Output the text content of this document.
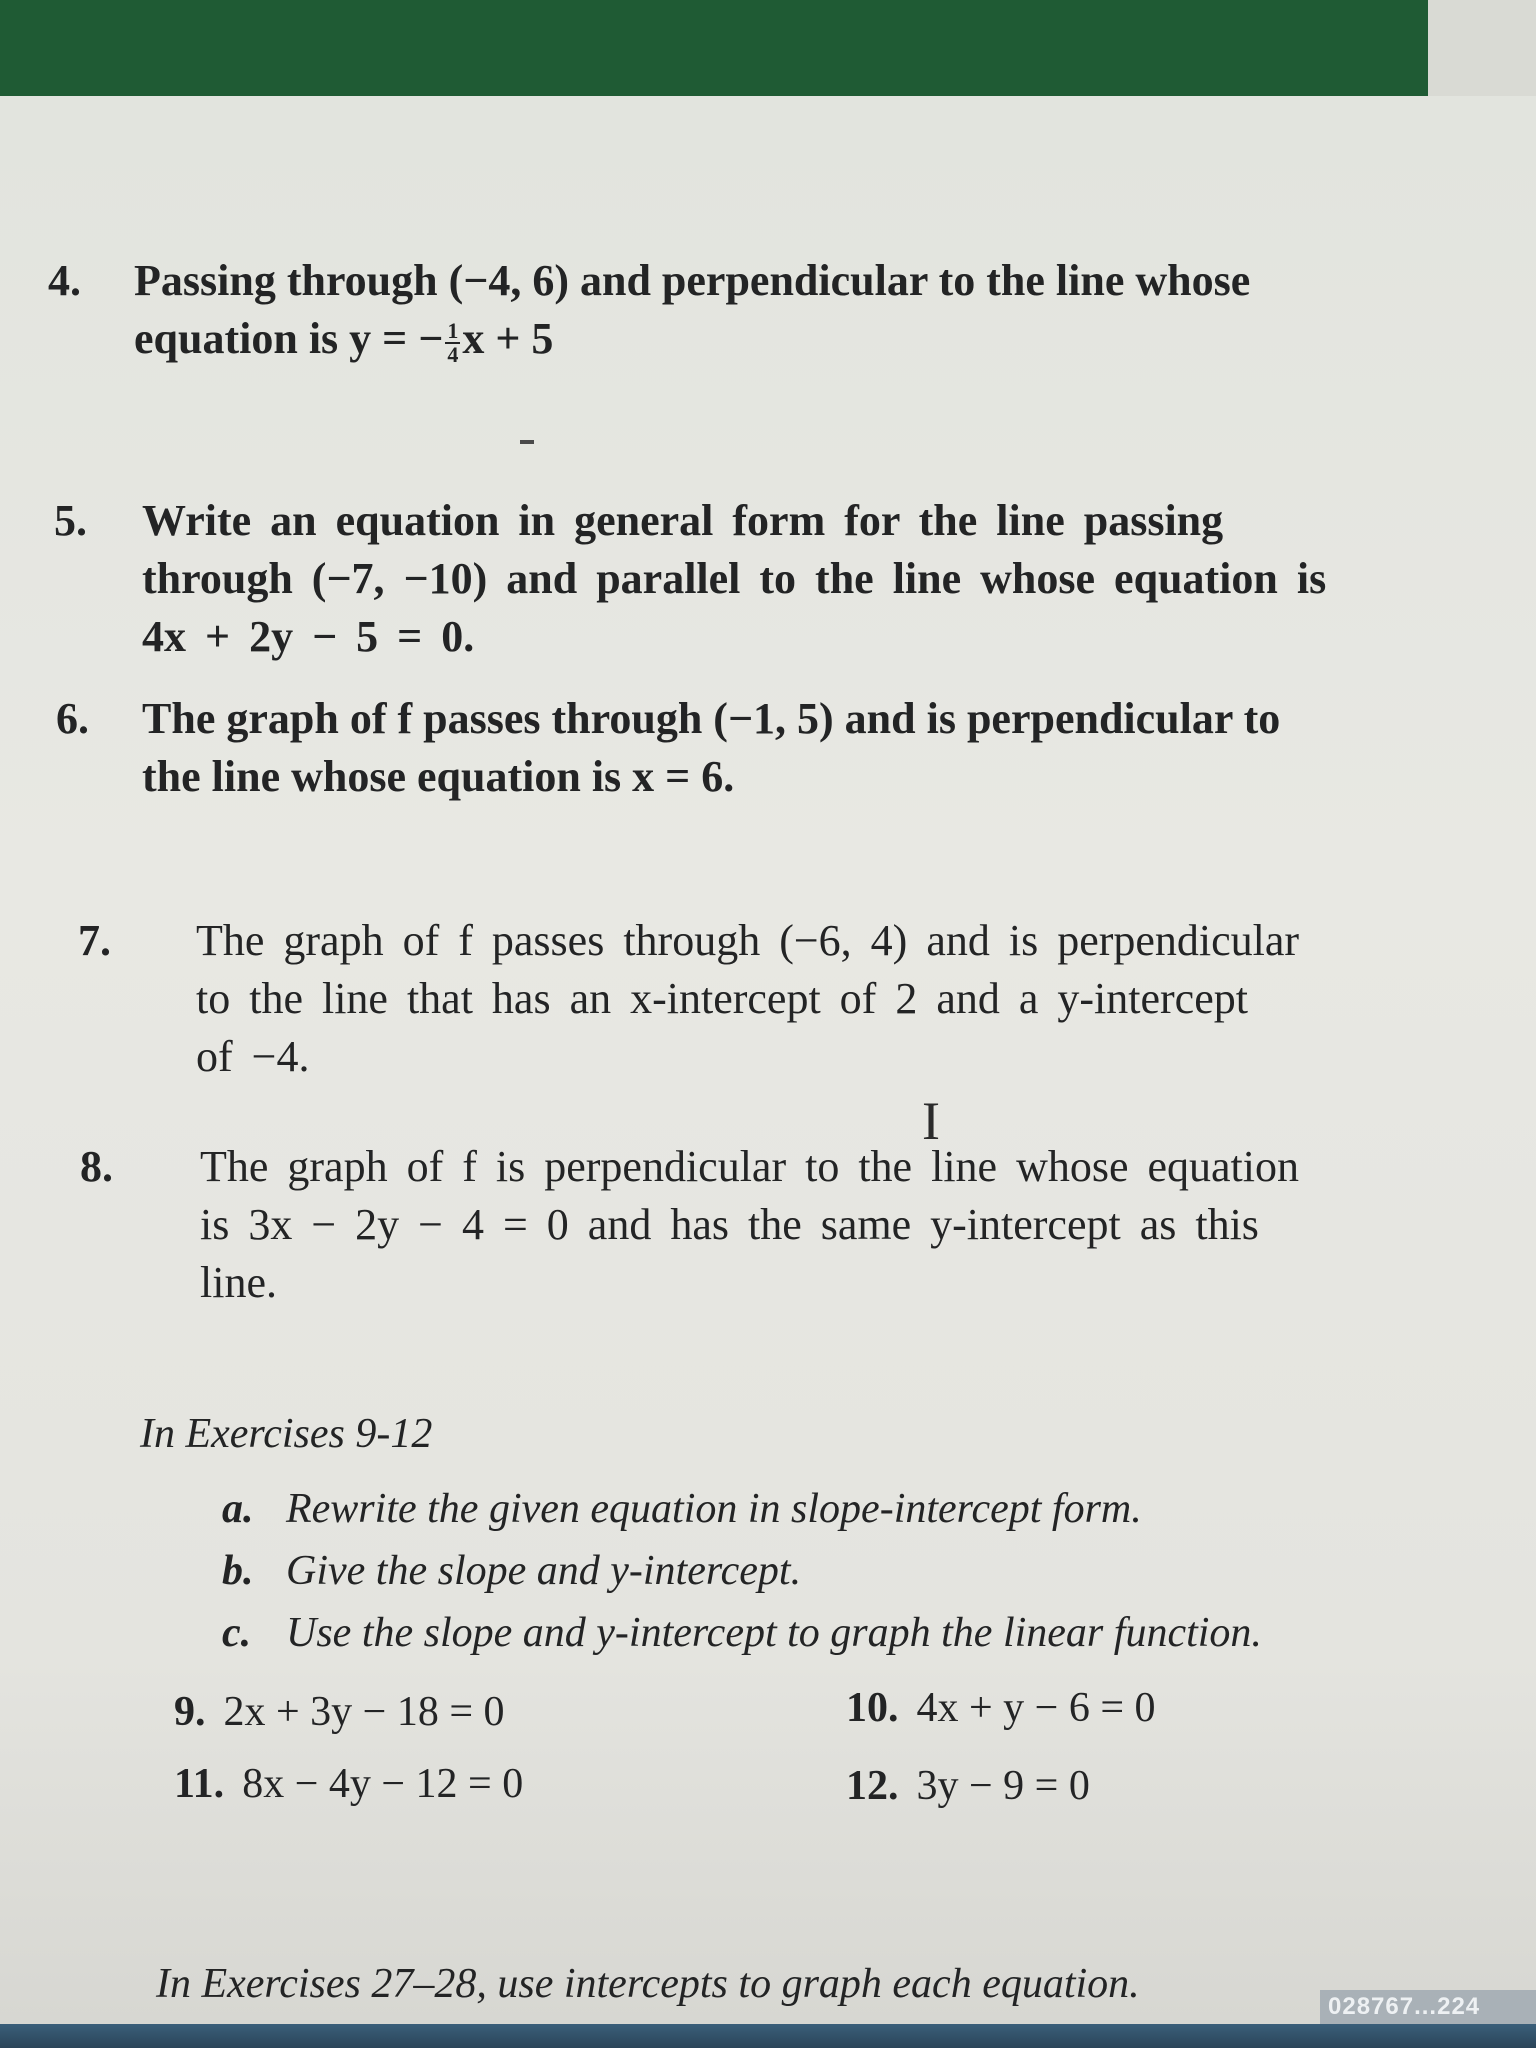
4. Passing through (−4, 6) and perpendicular to the line whose
equation is y = − $\frac{1}{4}$ x + 5
5. Write an equation in general form for the line passing
through (−7, −10) and parallel to the line whose equation is
4x + 2y − 5 = 0.
6. The graph of f passes through (−1, 5) and is perpendicular to
the line whose equation is x = 6.
7. The graph of f passes through (−6, 4) and is perpendicular
to the line that has an x-intercept of 2 and a y-intercept
of −4.
I
8. The graph of f is perpendicular to the line whose equation
is 3x − 2y − 4 = 0 and has the same y-intercept as this
line.
In Exercises 9-12
a. Rewrite the given equation in slope-intercept form.
b. Give the slope and y-intercept.
c. Use the slope and y-intercept to graph the linear function.
9. 2x + 3y − 18 = 0	10. 4x + y − 6 = 0
11. 8x − 4y − 12 = 0	12. 3y − 9 = 0
In Exercises 27–28, use intercepts to graph each equation.	028767...224
